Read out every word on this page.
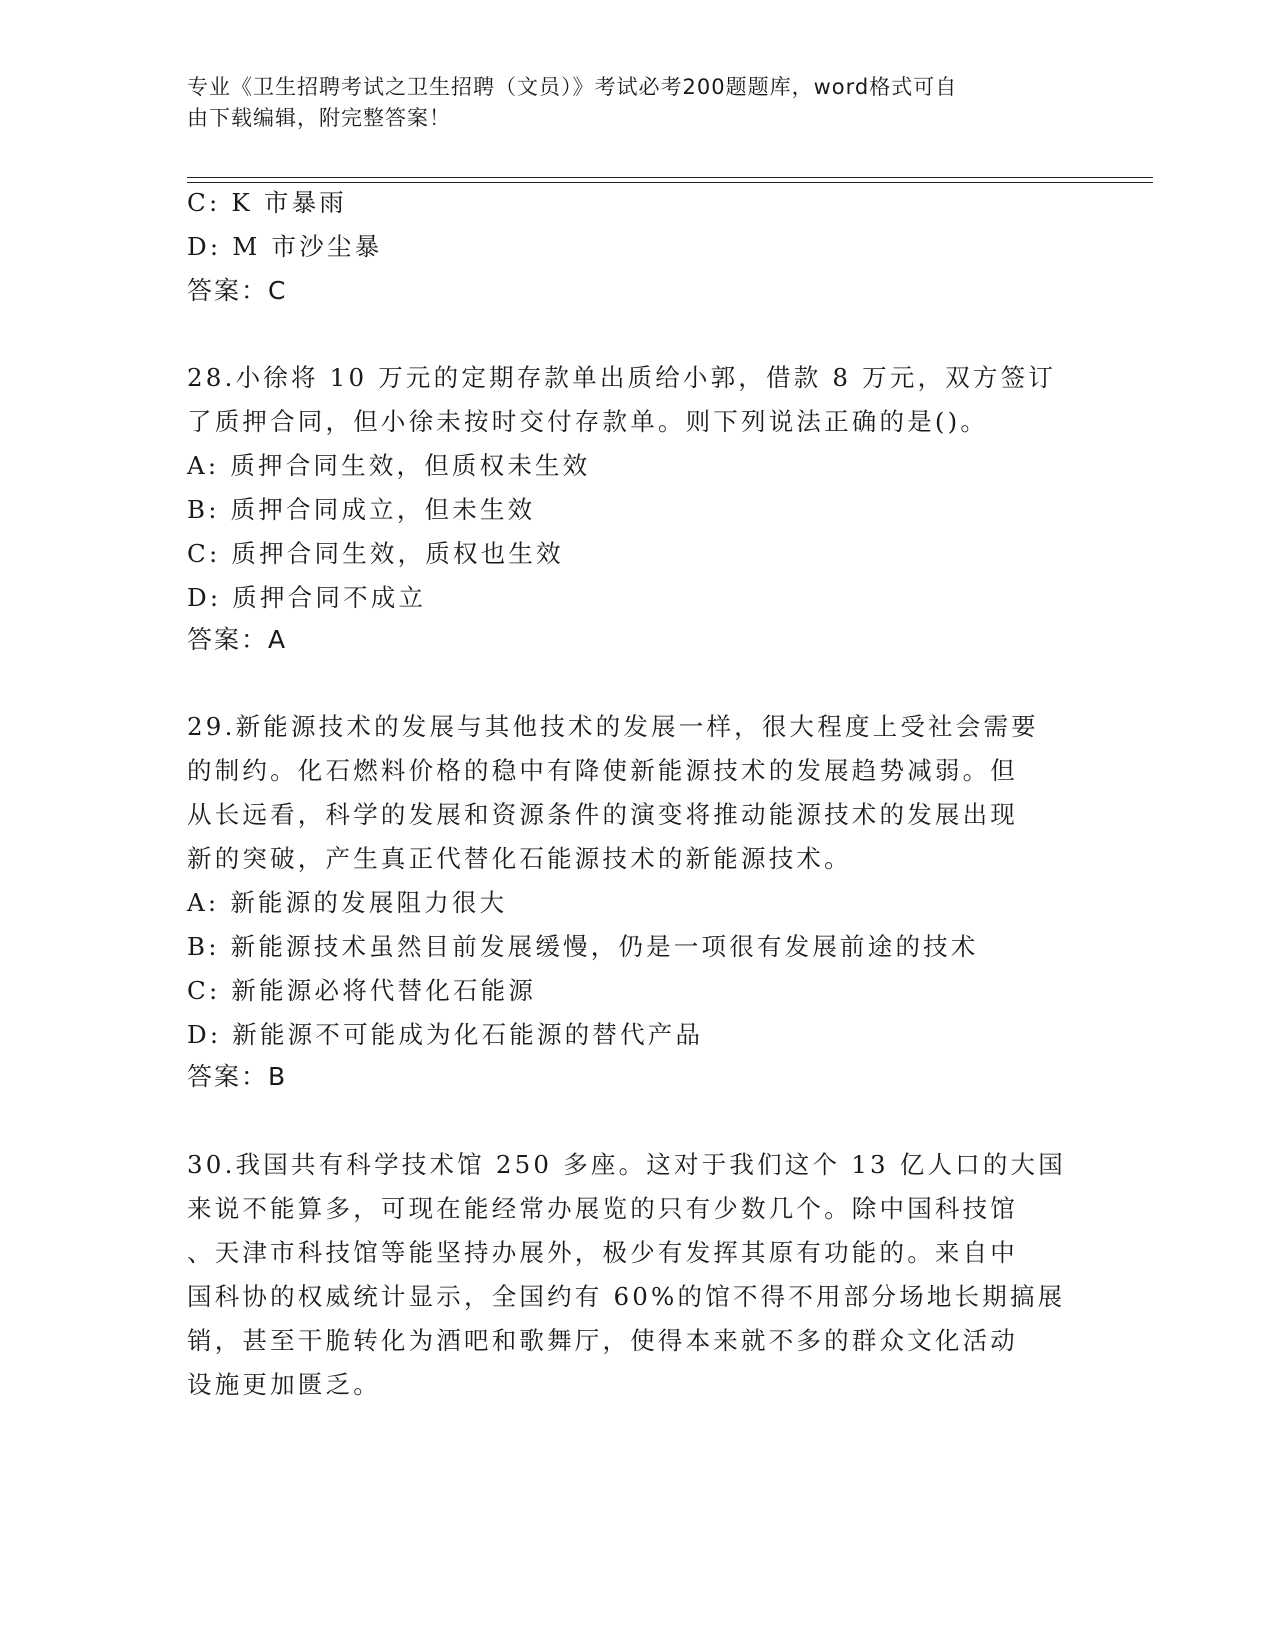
专业《卫生招聘考试之卫生招聘（文员）》考试必考200题题库，word格式可自
由下载编辑，附完整答案！
C: K 市暴雨
D: M 市沙尘暴
答案：C
28.小徐将 10 万元的定期存款单出质给小郭，借款 8 万元，双方签订
了质押合同，但小徐未按时交付存款单。则下列说法正确的是()。
A: 质押合同生效，但质权未生效
B: 质押合同成立，但未生效
C: 质押合同生效，质权也生效
D: 质押合同不成立
答案：A
29.新能源技术的发展与其他技术的发展一样，很大程度上受社会需要
的制约。化石燃料价格的稳中有降使新能源技术的发展趋势减弱。但
从长远看，科学的发展和资源条件的演变将推动能源技术的发展出现
新的突破，产生真正代替化石能源技术的新能源技术。
A: 新能源的发展阻力很大
B: 新能源技术虽然目前发展缓慢，仍是一项很有发展前途的技术
C: 新能源必将代替化石能源
D: 新能源不可能成为化石能源的替代产品
答案：B
30.我国共有科学技术馆 250 多座。这对于我们这个 13 亿人口的大国
来说不能算多，可现在能经常办展览的只有少数几个。除中国科技馆
、天津市科技馆等能坚持办展外，极少有发挥其原有功能的。来自中
国科协的权威统计显示，全国约有 60%的馆不得不用部分场地长期搞展
销，甚至干脆转化为酒吧和歌舞厅，使得本来就不多的群众文化活动
设施更加匮乏。
